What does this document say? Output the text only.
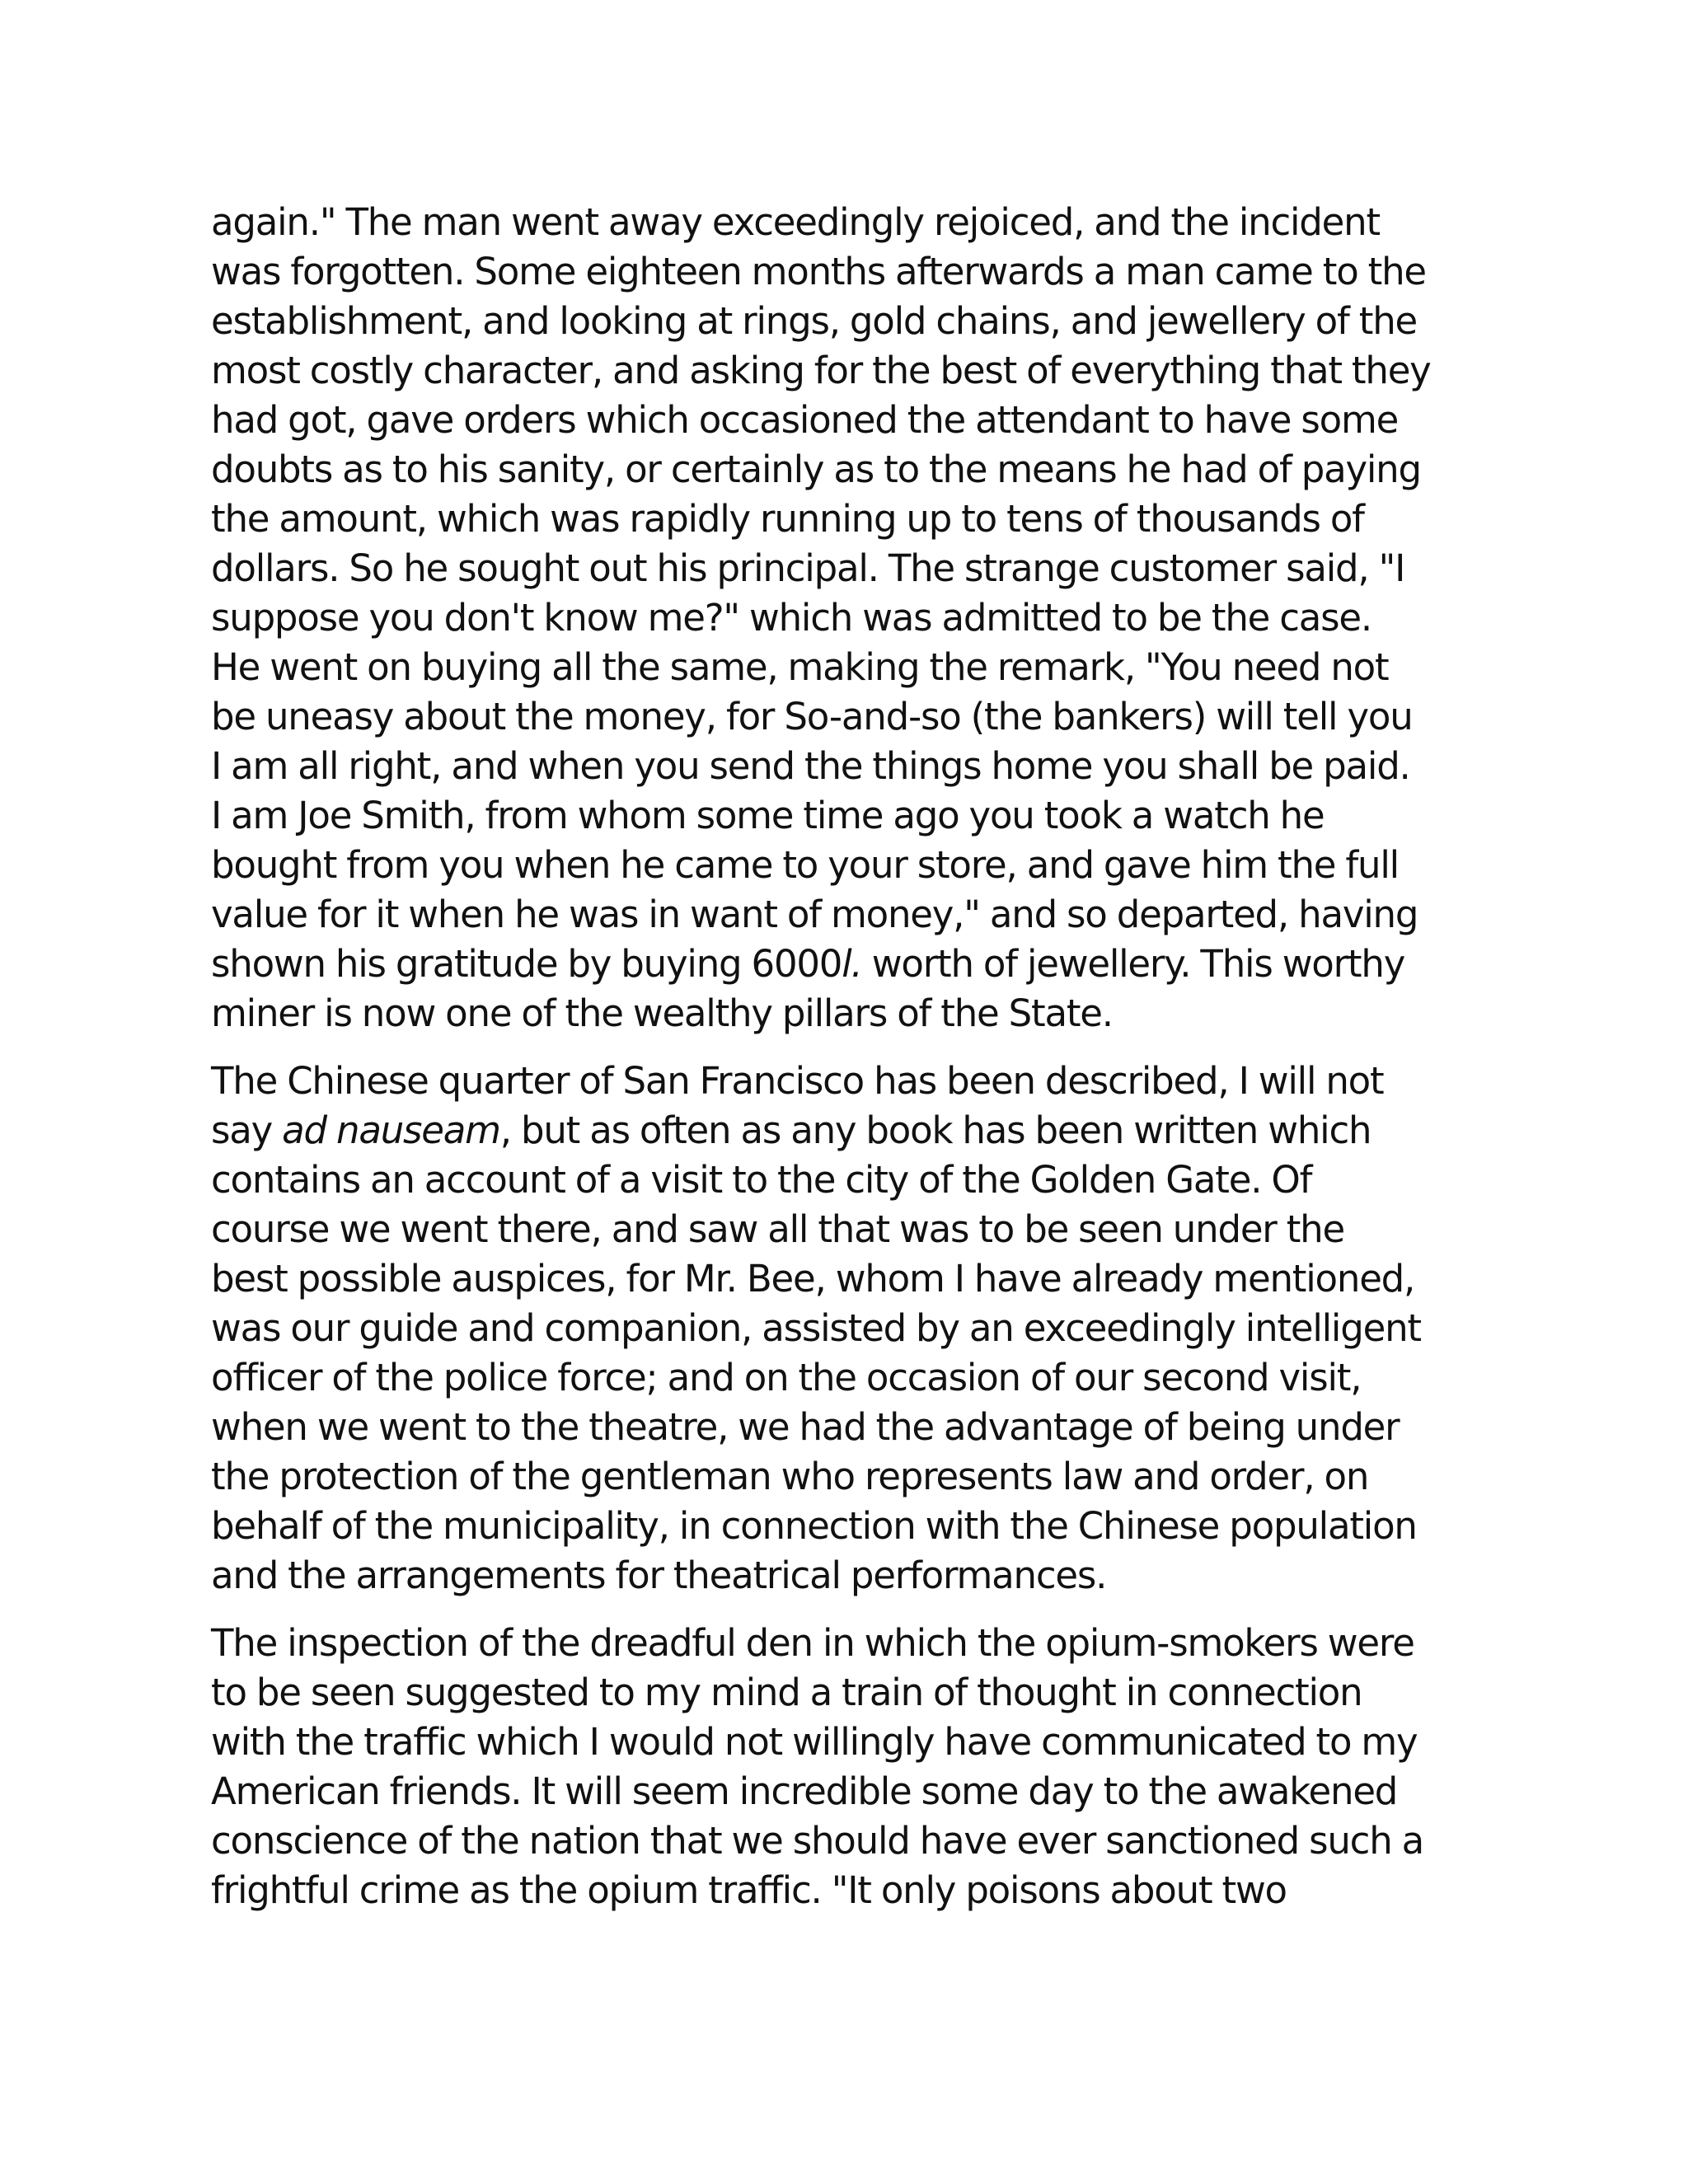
again." The man went away exceedingly rejoiced, and the incident
was forgotten. Some eighteen months afterwards a man came to the
establishment, and looking at rings, gold chains, and jewellery of the
most costly character, and asking for the best of everything that they
had got, gave orders which occasioned the attendant to have some
doubts as to his sanity, or certainly as to the means he had of paying
the amount, which was rapidly running up to tens of thousands of
dollars. So he sought out his principal. The strange customer said, "I
suppose you don't know me?" which was admitted to be the case.
He went on buying all the same, making the remark, "You need not
be uneasy about the money, for So-and-so (the bankers) will tell you
I am all right, and when you send the things home you shall be paid.
I am Joe Smith, from whom some time ago you took a watch he
bought from you when he came to your store, and gave him the full
value for it when he was in want of money," and so departed, having
shown his gratitude by buying 6000l. worth of jewellery. This worthy
miner is now one of the wealthy pillars of the State.

The Chinese quarter of San Francisco has been described, I will not
say ad nauseam, but as often as any book has been written which
contains an account of a visit to the city of the Golden Gate. Of
course we went there, and saw all that was to be seen under the
best possible auspices, for Mr. Bee, whom I have already mentioned,
was our guide and companion, assisted by an exceedingly intelligent
officer of the police force; and on the occasion of our second visit,
when we went to the theatre, we had the advantage of being under
the protection of the gentleman who represents law and order, on
behalf of the municipality, in connection with the Chinese population
and the arrangements for theatrical performances.

The inspection of the dreadful den in which the opium-smokers were
to be seen suggested to my mind a train of thought in connection
with the traffic which I would not willingly have communicated to my
American friends. It will seem incredible some day to the awakened
conscience of the nation that we should have ever sanctioned such a
frightful crime as the opium traffic. "It only poisons about two
